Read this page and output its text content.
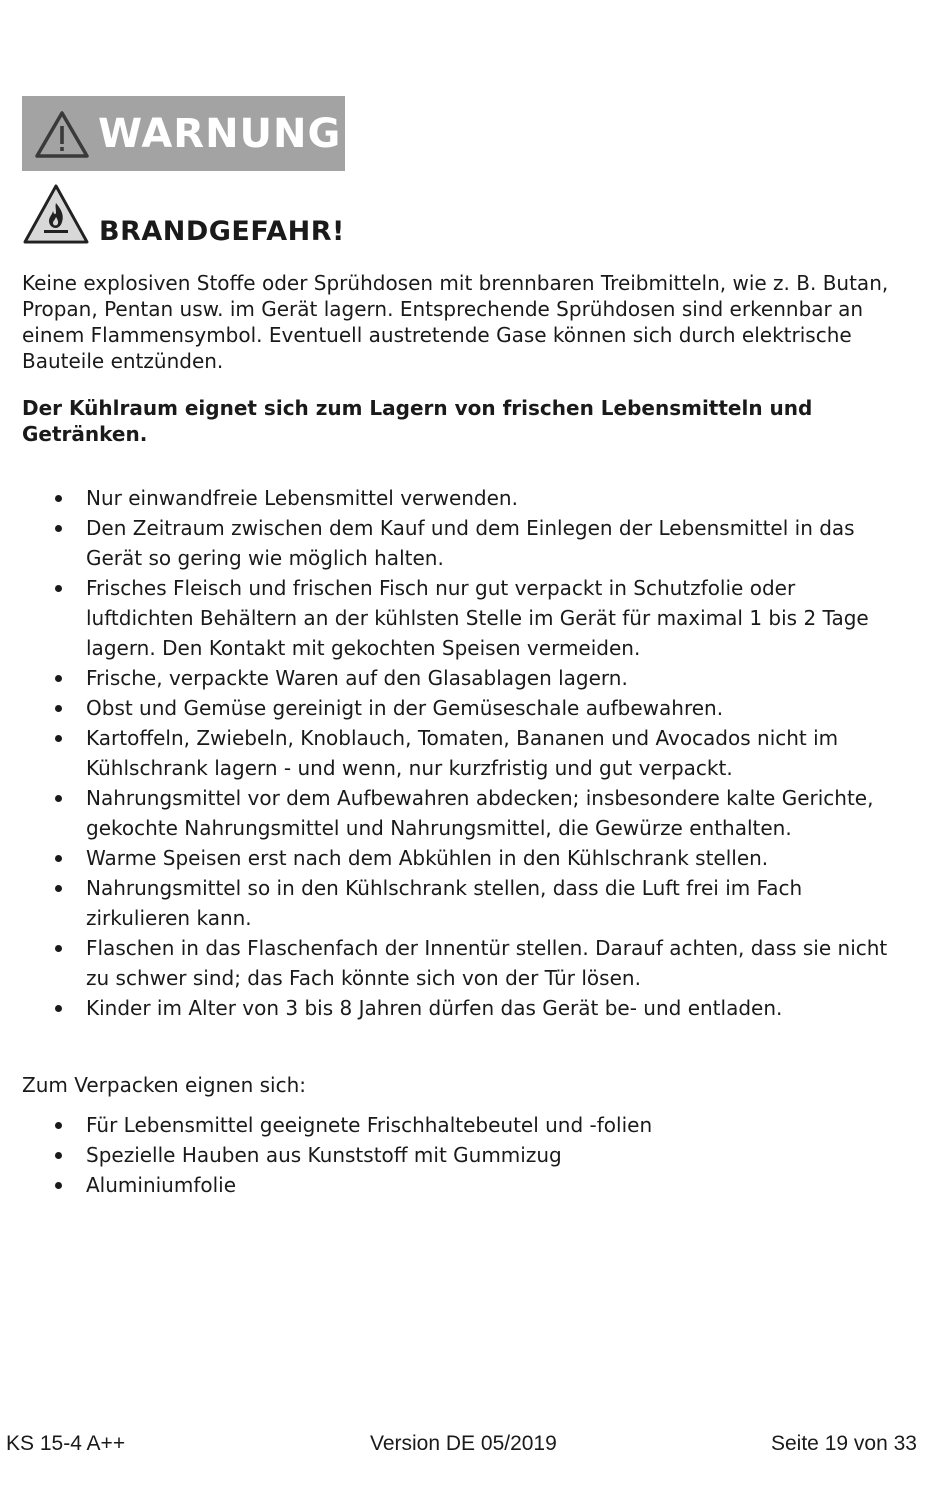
WARNUNG
BRANDGEFAHR!

Keine explosiven Stoffe oder Sprühdosen mit brennbaren Treibmitteln, wie z. B. Butan, Propan, Pentan usw. im Gerät lagern. Entsprechende Sprühdosen sind erkennbar an einem Flammensymbol. Eventuell austretende Gase können sich durch elektrische Bauteile entzünden.

Der Kühlraum eignet sich zum Lagern von frischen Lebensmitteln und Getränken.

Nur einwandfreie Lebensmittel verwenden.
Den Zeitraum zwischen dem Kauf und dem Einlegen der Lebensmittel in das Gerät so gering wie möglich halten.
Frisches Fleisch und frischen Fisch nur gut verpackt in Schutzfolie oder luftdichten Behältern an der kühlsten Stelle im Gerät für maximal 1 bis 2 Tage lagern. Den Kontakt mit gekochten Speisen vermeiden.
Frische, verpackte Waren auf den Glasablagen lagern.
Obst und Gemüse gereinigt in der Gemüseschale aufbewahren.
Kartoffeln, Zwiebeln, Knoblauch, Tomaten, Bananen und Avocados nicht im Kühlschrank lagern - und wenn, nur kurzfristig und gut verpackt.
Nahrungsmittel vor dem Aufbewahren abdecken; insbesondere kalte Gerichte, gekochte Nahrungsmittel und Nahrungsmittel, die Gewürze enthalten.
Warme Speisen erst nach dem Abkühlen in den Kühlschrank stellen.
Nahrungsmittel so in den Kühlschrank stellen, dass die Luft frei im Fach zirkulieren kann.
Flaschen in das Flaschenfach der Innentür stellen. Darauf achten, dass sie nicht zu schwer sind; das Fach könnte sich von der Tür lösen.
Kinder im Alter von 3 bis 8 Jahren dürfen das Gerät be- und entladen.

Zum Verpacken eignen sich:

Für Lebensmittel geeignete Frischhaltebeutel und -folien
Spezielle Hauben aus Kunststoff mit Gummizug
Aluminiumfolie
KS 15-4 A++	Version DE 05/2019	Seite 19 von 33
